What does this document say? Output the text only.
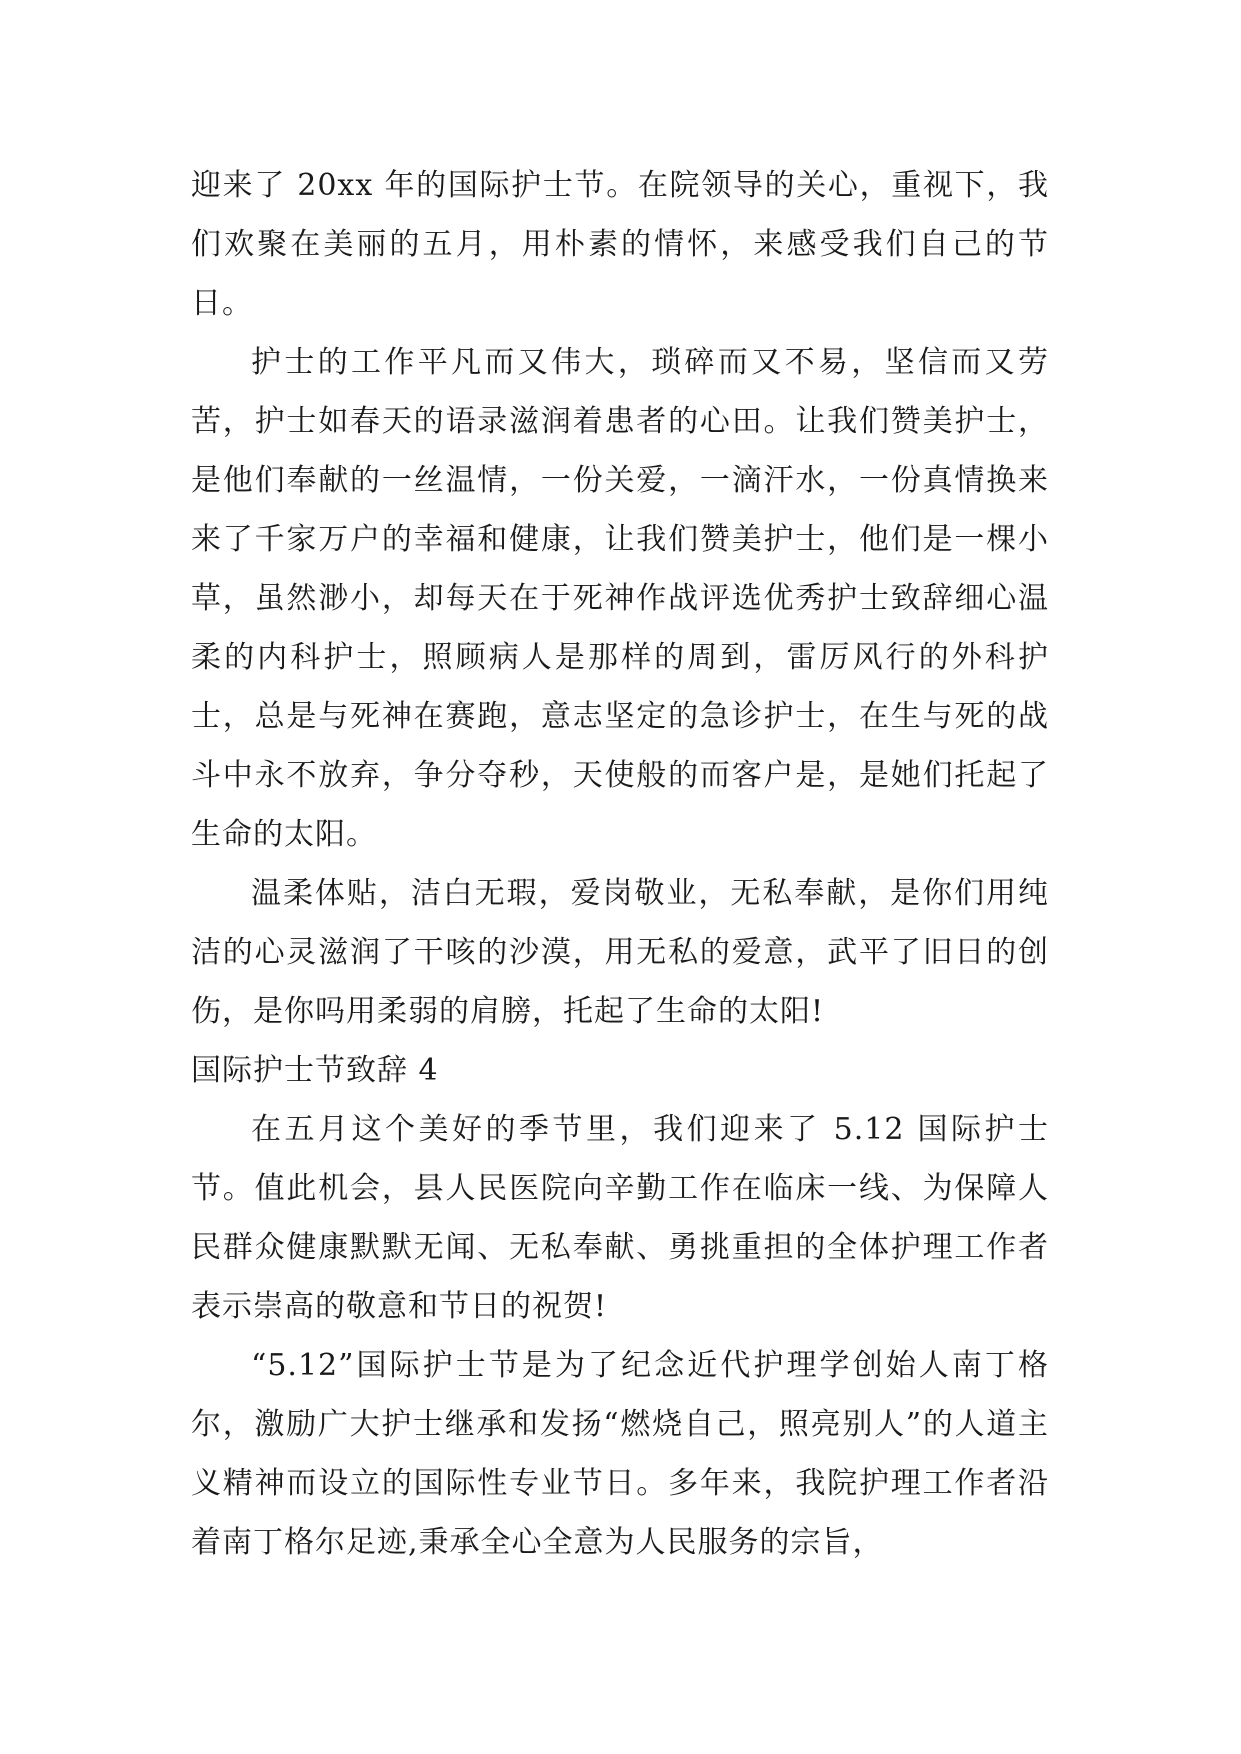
迎来了 20xx 年的国际护士节。在院领导的关心，重视下，我们欢聚在美丽的五月，用朴素的情怀，来感受我们自己的节日。

护士的工作平凡而又伟大，琐碎而又不易，坚信而又劳苦，护士如春天的语录滋润着患者的心田。让我们赞美护士，是他们奉献的一丝温情，一份关爱，一滴汗水，一份真情换来来了千家万户的幸福和健康，让我们赞美护士，他们是一棵小草，虽然渺小，却每天在于死神作战评选优秀护士致辞细心温柔的内科护士，照顾病人是那样的周到，雷厉风行的外科护士，总是与死神在赛跑，意志坚定的急诊护士，在生与死的战斗中永不放弃，争分夺秒，天使般的而客户是，是她们托起了生命的太阳。

温柔体贴，洁白无瑕，爱岗敬业，无私奉献，是你们用纯洁的心灵滋润了干咳的沙漠，用无私的爱意，武平了旧日的创伤，是你吗用柔弱的肩膀，托起了生命的太阳!

国际护士节致辞 4

在五月这个美好的季节里，我们迎来了 5.12 国际护士节。值此机会，县人民医院向辛勤工作在临床一线、为保障人民群众健康默默无闻、无私奉献、勇挑重担的全体护理工作者表示崇高的敬意和节日的祝贺!

“5.12”国际护士节是为了纪念近代护理学创始人南丁格尔，激励广大护士继承和发扬“燃烧自己，照亮别人”的人道主义精神而设立的国际性专业节日。多年来，我院护理工作者沿着南丁格尔足迹,秉承全心全意为人民服务的宗旨，
